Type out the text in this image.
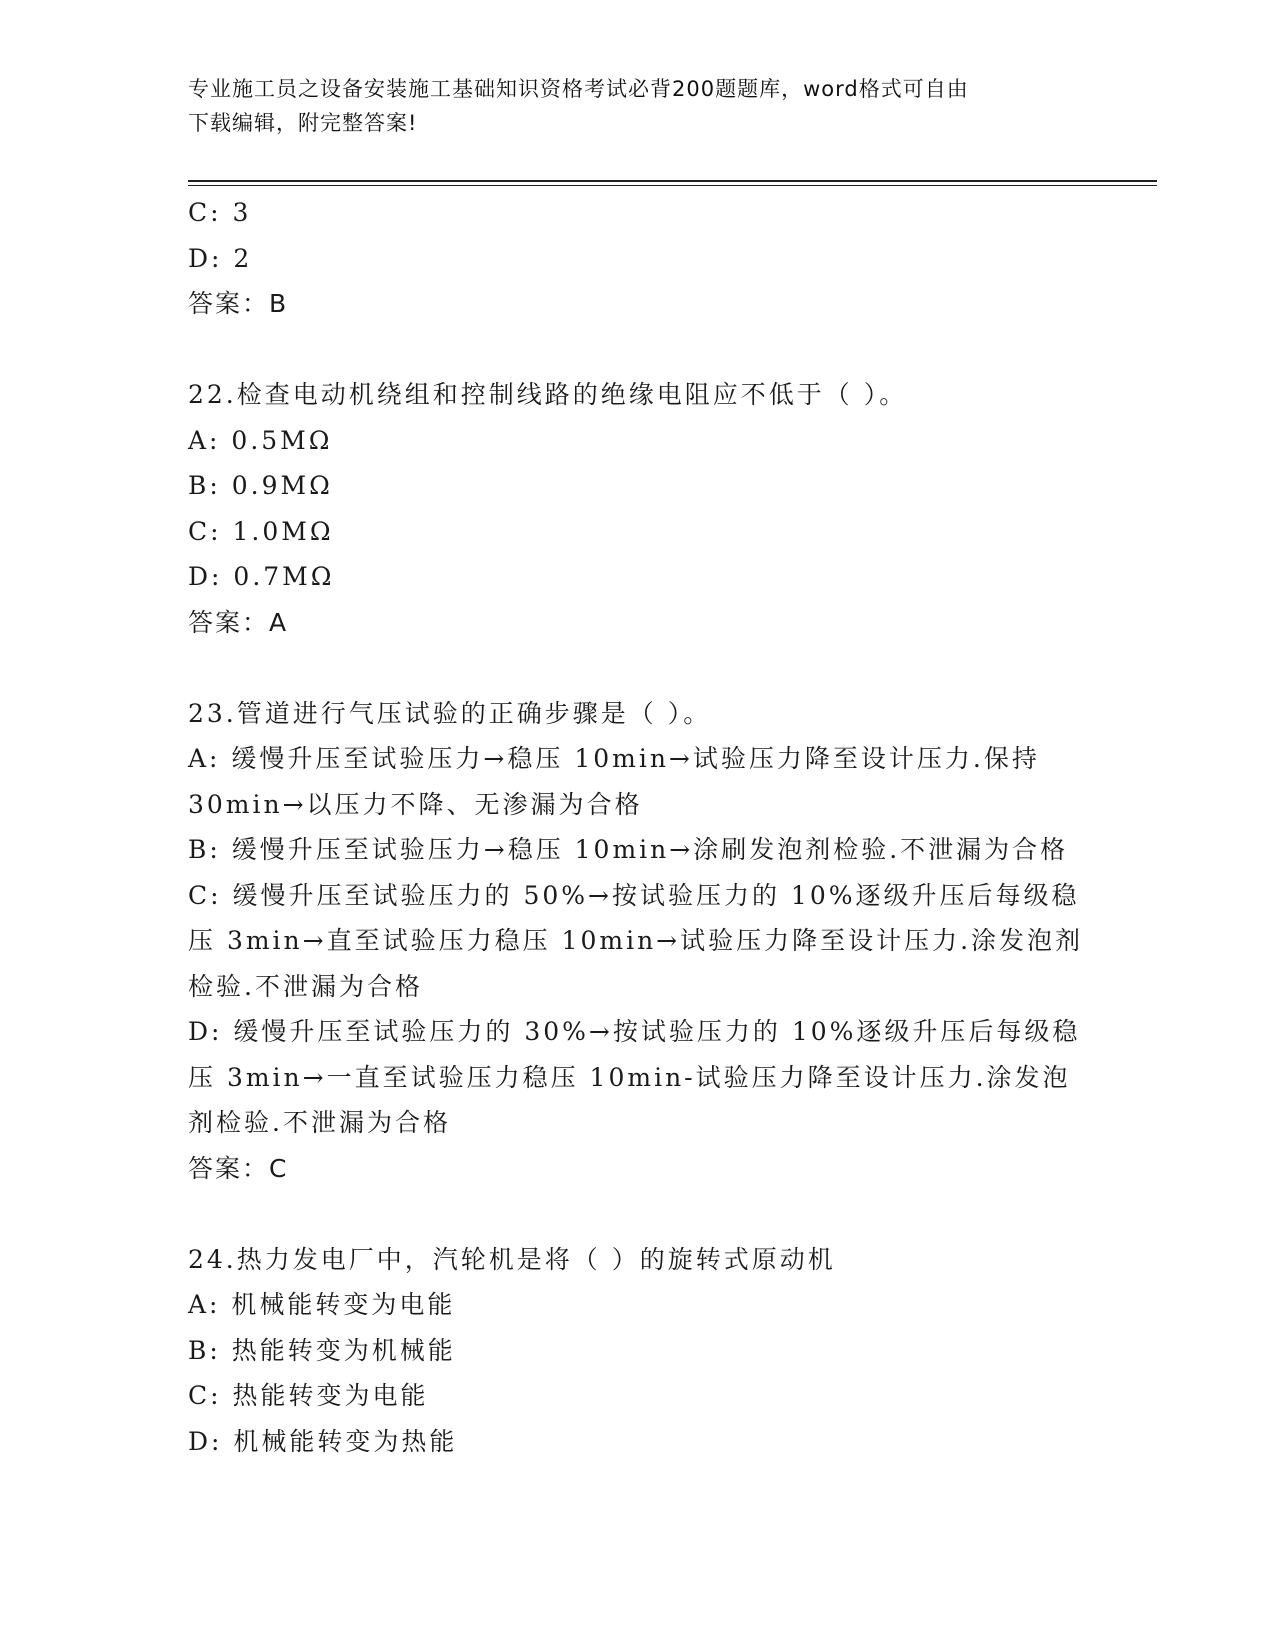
专业施工员之设备安装施工基础知识资格考试必背200题题库，word格式可自由
下载编辑，附完整答案!
C: 3
D: 2
答案：B
22.检查电动机绕组和控制线路的绝缘电阻应不低于（ ）。
A: 0.5MΩ
B: 0.9MΩ
C: 1.0MΩ
D: 0.7MΩ
答案：A
23.管道进行气压试验的正确步骤是（ ）。
A: 缓慢升压至试验压力→稳压 10min→试验压力降至设计压力.保持
30min→以压力不降、无渗漏为合格
B: 缓慢升压至试验压力→稳压 10min→涂刷发泡剂检验.不泄漏为合格
C: 缓慢升压至试验压力的 50%→按试验压力的 10%逐级升压后每级稳
压 3min→直至试验压力稳压 10min→试验压力降至设计压力.涂发泡剂
检验.不泄漏为合格
D: 缓慢升压至试验压力的 30%→按试验压力的 10%逐级升压后每级稳
压 3min→一直至试验压力稳压 10min-试验压力降至设计压力.涂发泡
剂检验.不泄漏为合格
答案：C
24.热力发电厂中，汽轮机是将（ ）的旋转式原动机
A: 机械能转变为电能
B: 热能转变为机械能
C: 热能转变为电能
D: 机械能转变为热能
